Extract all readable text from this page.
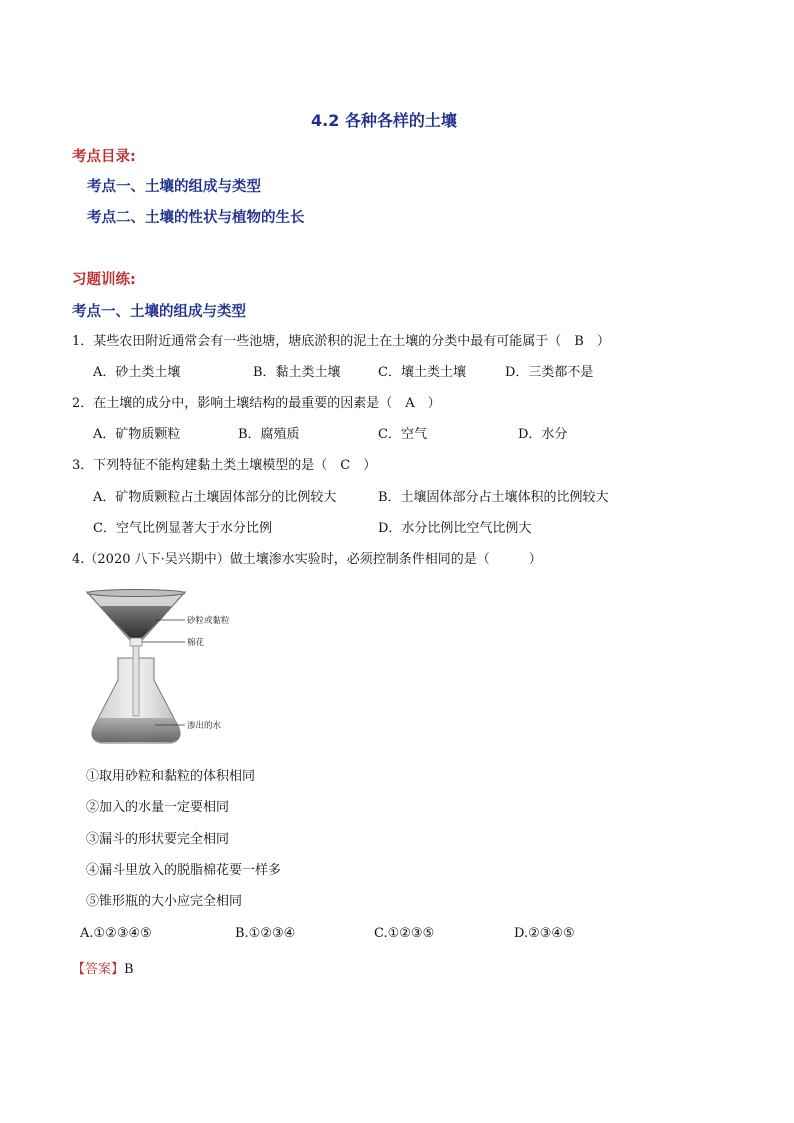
4.2 各种各样的土壤
考点目录:
考点一、土壤的组成与类型
考点二、土壤的性状与植物的生长
习题训练:
考点一、土壤的组成与类型
1．某些农田附近通常会有一些池塘，塘底淤积的泥土在土壤的分类中最有可能属于（　B　）
A．砂土类土壤	B．黏土类土壤	C．壤土类土壤	D．三类都不是
2．在土壤的成分中，影响土壤结构的最重要的因素是（　A　）
A．矿物质颗粒	B．腐殖质	C．空气	D．水分
3．下列特征不能构建黏土类土壤模型的是（　C　）
A．矿物质颗粒占土壤固体部分的比例较大	B．土壤固体部分占土壤体积的比例较大
C．空气比例显著大于水分比例	D．水分比例比空气比例大
4.（2020 八下·吴兴期中）做土壤渗水实验时，必须控制条件相同的是（　　　）
砂粒或黏粒
棉花
渗出的水
①取用砂粒和黏粒的体积相同
②加入的水量一定要相同
③漏斗的形状要完全相同
④漏斗里放入的脱脂棉花要一样多
⑤锥形瓶的大小应完全相同
A.①②③④⑤	B.①②③④	C.①②③⑤	D.②③④⑤
【答案】B
